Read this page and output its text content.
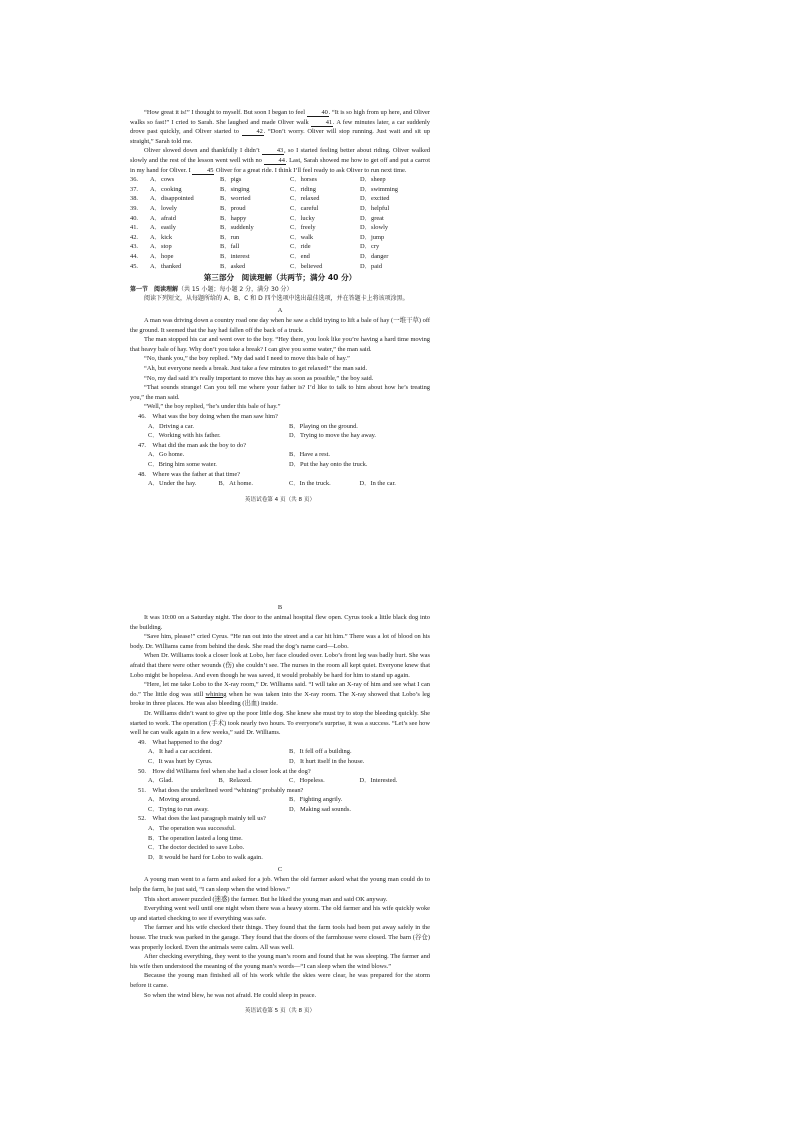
“How great it is!” I thought to myself. But soon I began to feel 40. “It is so high from up here, and Oliver walks so fast!” I cried to Sarah. She laughed and made Oliver walk 41. A few minutes later, a car suddenly drove past quickly, and Oliver started to 42. “Don’t worry. Oliver will stop running. Just wait and sit up straight,” Sarah told me.

Oliver slowed down and thankfully I didn’t 43, so I started feeling better about riding. Oliver walked slowly and the rest of the lesson went well with no 44. Last, Sarah showed me how to get off and put a carrot in my hand for Oliver. I 45 Oliver for a great ride. I think I’ll feel ready to ask Oliver to run next time.

36.	A．cows	B．pigs	C．horses	D．sheep
37.	A．cooking	B．singing	C．riding	D．swimming
38.	A．disappointed	B．worried	C．relaxed	D．excited
39.	A．lovely	B．proud	C．careful	D．helpful
40.	A．afraid	B．happy	C．lucky	D．great
41.	A．easily	B．suddenly	C．freely	D．slowly
42.	A．kick	B．run	C．walk	D．jump
43.	A．stop	B．fall	C．ride	D．cry
44.	A．hope	B．interest	C．end	D．danger
45.	A．thanked	B．asked	C．believed	D．paid
第三部分　阅读理解（共两节；满分 40 分）
第一节　阅读理解（共 15 小题；每小题 2 分，满分 30 分）

阅读下列短文，从每题所给的 A、B、C 和 D 四个选项中选出最佳选项，并在答题卡上将该项涂黑。

A

A man was driving down a country road one day when he saw a child trying to lift a bale of hay (一堆干草) off the ground. It seemed that the hay had fallen off the back of a truck.

The man stopped his car and went over to the boy. “Hey there, you look like you’re having a hard time moving that heavy bale of hay. Why don’t you take a break? I can give you some water,” the man said.

“No, thank you,” the boy replied. “My dad said I need to move this bale of hay.”

“Ah, but everyone needs a break. Just take a few minutes to get relaxed!” the man said.

“No, my dad said it’s really important to move this hay as soon as possible,” the boy said.

“That sounds strange! Can you tell me where your father is? I’d like to talk to him about how he’s treating you,” the man said.

“Well,” the boy replied, “he’s under this bale of hay.”

46.　What was the boy doing when the man saw him?
A．Driving a car.	B．Playing on the ground.
C．Working with his father.	D．Trying to move the hay away.
47.　What did the man ask the boy to do?
A．Go home.	B．Have a rest.
C．Bring him some water.	D．Put the hay onto the truck.
48.　Where was the father at that time?
A．Under the hay.	B．At home.	C．In the truck.	D．In the car.
英语试卷第 4 页（共 8 页）
B

It was 10:00 on a Saturday night. The door to the animal hospital flew open. Cyrus took a little black dog into the building.

“Save him, please!” cried Cyrus. “He ran out into the street and a car hit him.” There was a lot of blood on his body. Dr. Williams came from behind the desk. She read the dog’s name card—Lobo.

When Dr. Williams took a closer look at Lobo, her face clouded over. Lobo’s front leg was badly hurt. She was afraid that there were other wounds (伤) she couldn’t see. The nurses in the room all kept quiet. Everyone knew that Lobo might be hopeless. And even though he was saved, it would probably be hard for him to stand up again.

“Here, let me take Lobo to the X-ray room,” Dr. Williams said. “I will take an X-ray of him and see what I can do.” The little dog was still whining when he was taken into the X-ray room. The X-ray showed that Lobo’s leg broke in three places. He was also bleeding (出血) inside.

Dr. Williams didn’t want to give up the poor little dog. She knew she must try to stop the bleeding quickly. She started to work. The operation (手术) took nearly two hours. To everyone’s surprise, it was a success. “Let’s see how well he can walk again in a few weeks,” said Dr. Williams.

49.　What happened to the dog?
A．It had a car accident.	B．It fell off a building.
C．It was hurt by Cyrus.	D．It hurt itself in the house.
50.　How did Williams feel when she had a closer look at the dog?
A．Glad.	B．Relaxed.	C．Hopeless.	D．Interested.
51.　What does the underlined word “whining” probably mean?
A．Moving around.	B．Fighting angrily.
C．Trying to run away.	D．Making sad sounds.
52.　What does the last paragraph mainly tell us?
A．The operation was successful.
B．The operation lasted a long time.
C．The doctor decided to save Lobo.
D．It would be hard for Lobo to walk again.
C

A young man went to a farm and asked for a job. When the old farmer asked what the young man could do to help the farm, he just said, “I can sleep when the wind blows.”

This short answer puzzled (迷惑) the farmer. But he liked the young man and said OK anyway.

Everything went well until one night when there was a heavy storm. The old farmer and his wife quickly woke up and started checking to see if everything was safe.

The farmer and his wife checked their things. They found that the farm tools had been put away safely in the house. The truck was parked in the garage. They found that the doors of the farmhouse were closed. The barn (谷仓) was properly locked. Even the animals were calm. All was well.

After checking everything, they went to the young man’s room and found that he was sleeping. The farmer and his wife then understood the meaning of the young man’s words—“I can sleep when the wind blows.”

Because the young man finished all of his work while the skies were clear, he was prepared for the storm before it came.

So when the wind blew, he was not afraid. He could sleep in peace.

英语试卷第 5 页（共 8 页）
